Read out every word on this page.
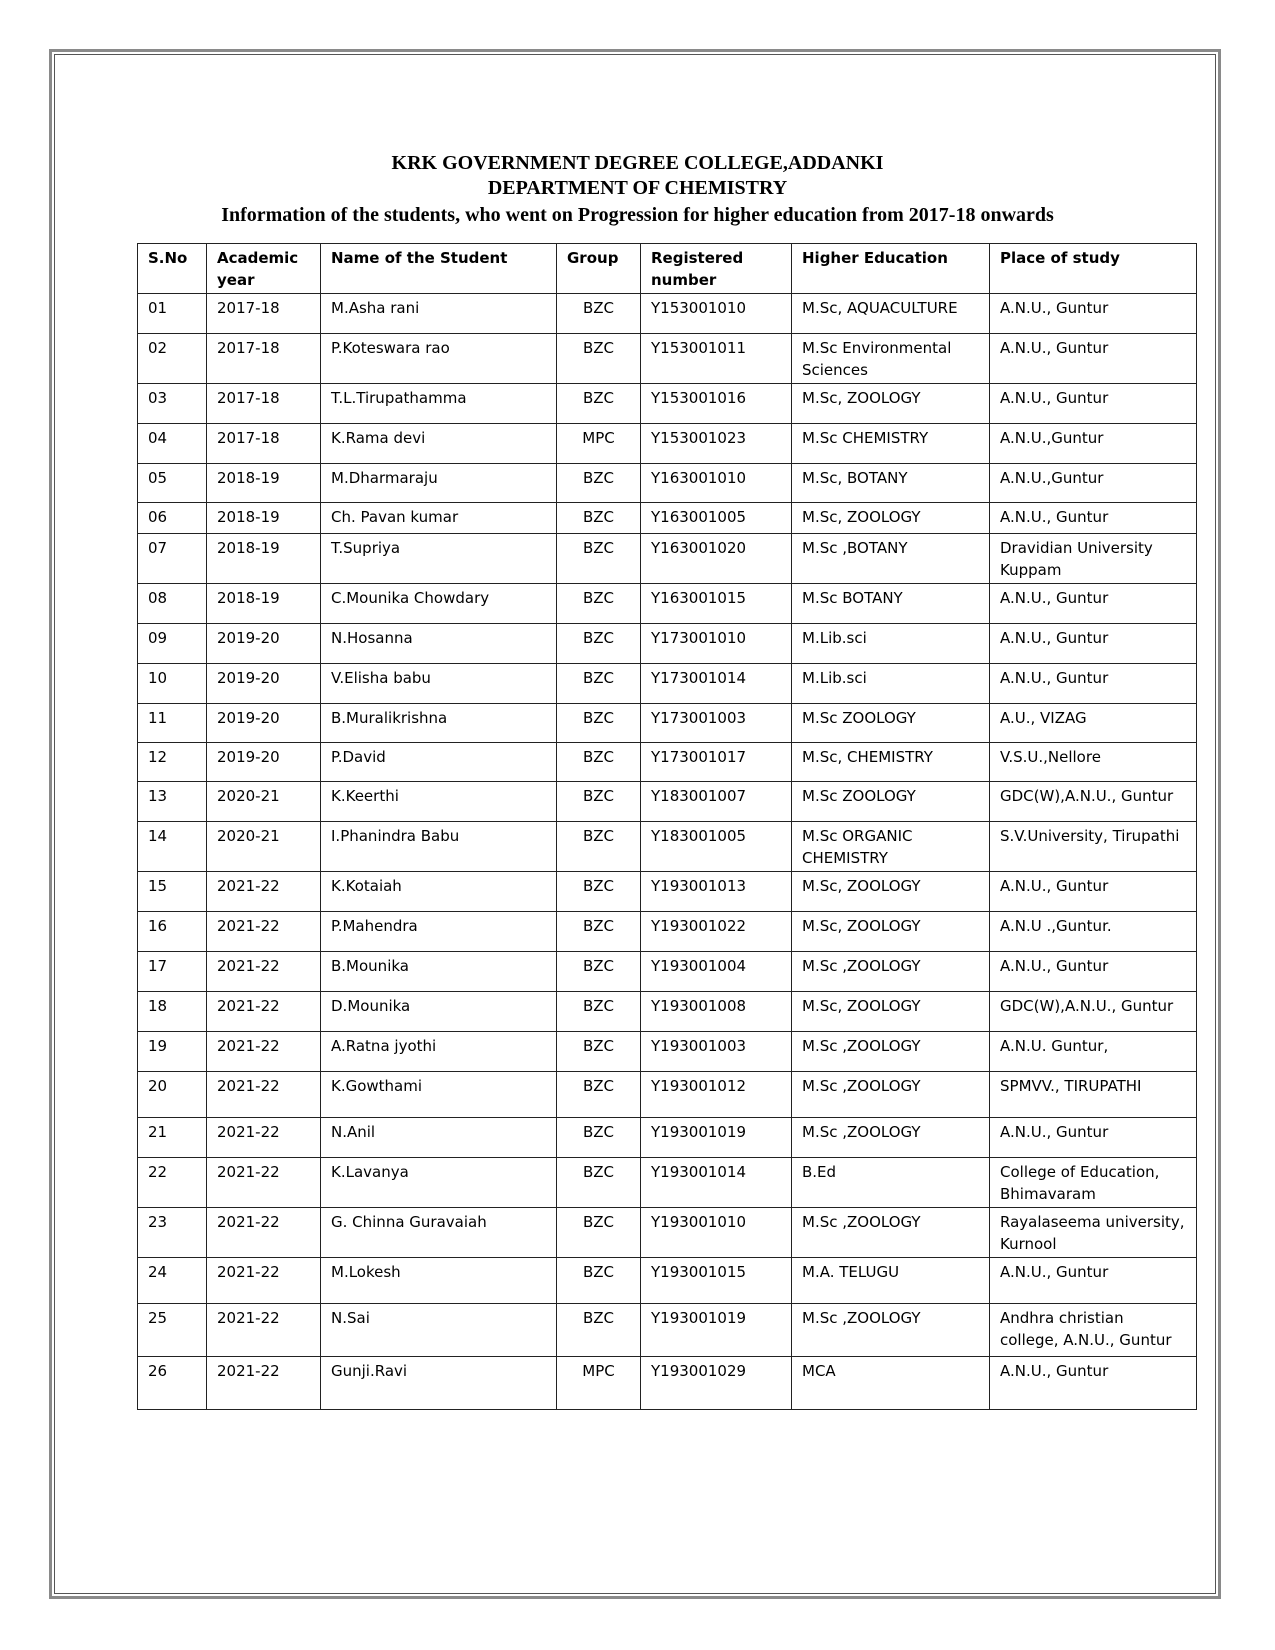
KRK GOVERNMENT DEGREE COLLEGE,ADDANKI
DEPARTMENT OF CHEMISTRY
Information of the students, who went on Progression for higher education from 2017-18 onwards
S.No	Academic year	Name of the Student	Group	Registered number	Higher Education	Place of study
01	2017-18	M.Asha rani	BZC	Y153001010	M.Sc, AQUACULTURE	A.N.U., Guntur
02	2017-18	P.Koteswara rao	BZC	Y153001011	M.Sc Environmental Sciences	A.N.U., Guntur
03	2017-18	T.L.Tirupathamma	BZC	Y153001016	M.Sc, ZOOLOGY	A.N.U., Guntur
04	2017-18	K.Rama devi	MPC	Y153001023	M.Sc CHEMISTRY	A.N.U.,Guntur
05	2018-19	M.Dharmaraju	BZC	Y163001010	M.Sc, BOTANY	A.N.U.,Guntur
06	2018-19	Ch. Pavan kumar	BZC	Y163001005	M.Sc, ZOOLOGY	A.N.U., Guntur
07	2018-19	T.Supriya	BZC	Y163001020	M.Sc ,BOTANY	Dravidian University Kuppam
08	2018-19	C.Mounika Chowdary	BZC	Y163001015	M.Sc BOTANY	A.N.U., Guntur
09	2019-20	N.Hosanna	BZC	Y173001010	M.Lib.sci	A.N.U., Guntur
10	2019-20	V.Elisha babu	BZC	Y173001014	M.Lib.sci	A.N.U., Guntur
11	2019-20	B.Muralikrishna	BZC	Y173001003	M.Sc ZOOLOGY	A.U., VIZAG
12	2019-20	P.David	BZC	Y173001017	M.Sc, CHEMISTRY	V.S.U.,Nellore
13	2020-21	K.Keerthi	BZC	Y183001007	M.Sc ZOOLOGY	GDC(W),A.N.U., Guntur
14	2020-21	I.Phanindra Babu	BZC	Y183001005	M.Sc ORGANIC CHEMISTRY	S.V.University, Tirupathi
15	2021-22	K.Kotaiah	BZC	Y193001013	M.Sc, ZOOLOGY	A.N.U., Guntur
16	2021-22	P.Mahendra	BZC	Y193001022	M.Sc, ZOOLOGY	A.N.U .,Guntur.
17	2021-22	B.Mounika	BZC	Y193001004	M.Sc ,ZOOLOGY	A.N.U., Guntur
18	2021-22	D.Mounika	BZC	Y193001008	M.Sc, ZOOLOGY	GDC(W),A.N.U., Guntur
19	2021-22	A.Ratna jyothi	BZC	Y193001003	M.Sc ,ZOOLOGY	A.N.U. Guntur,
20	2021-22	K.Gowthami	BZC	Y193001012	M.Sc ,ZOOLOGY	SPMVV., TIRUPATHI
21	2021-22	N.Anil	BZC	Y193001019	M.Sc ,ZOOLOGY	A.N.U., Guntur
22	2021-22	K.Lavanya	BZC	Y193001014	B.Ed	College of Education, Bhimavaram
23	2021-22	G. Chinna Guravaiah	BZC	Y193001010	M.Sc ,ZOOLOGY	Rayalaseema university, Kurnool
24	2021-22	M.Lokesh	BZC	Y193001015	M.A. TELUGU	A.N.U., Guntur
25	2021-22	N.Sai	BZC	Y193001019	M.Sc ,ZOOLOGY	Andhra christian college, A.N.U., Guntur
26	2021-22	Gunji.Ravi	MPC	Y193001029	MCA	A.N.U., Guntur
